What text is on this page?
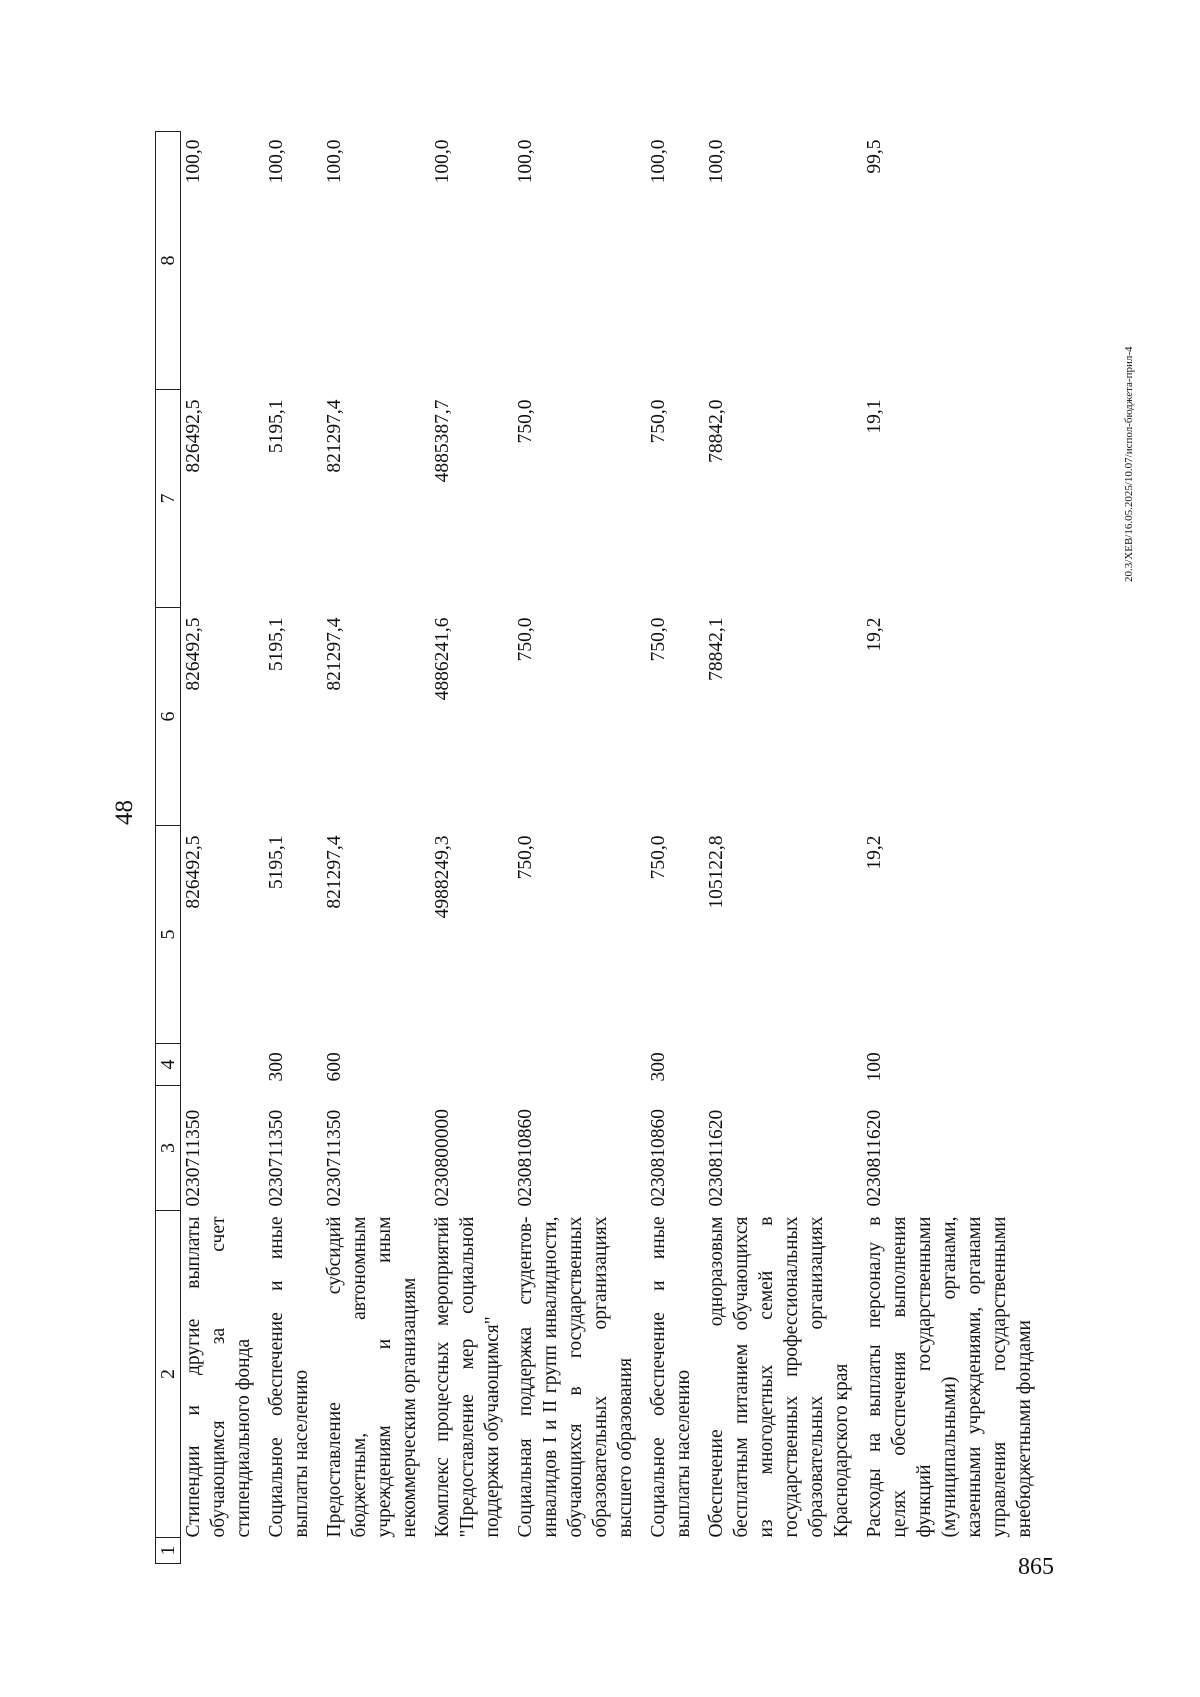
48
1	2	3	4	5	6	7	8
	Стипендии и другие выплаты обучающимся за счет стипендиального фонда	0230711350		826492,5	826492,5	826492,5	100,0
	Социальное обеспечение и иные выплаты населению	0230711350	300	5195,1	5195,1	5195,1	100,0
	Предоставление субсидий бюджетным, автономным учреждениям и иным некоммерческим организациям	0230711350	600	821297,4	821297,4	821297,4	100,0
	Комплекс процессных мероприятий "Предоставление мер социальной поддержки обучающимся"	0230800000		4988249,3	4886241,6	4885387,7	100,0
	Социальная поддержка студентов-инвалидов I и II групп инвалидности, обучающихся в государственных образовательных организациях высшего образования	0230810860		750,0	750,0	750,0	100,0
	Социальное обеспечение и иные выплаты населению	0230810860	300	750,0	750,0	750,0	100,0
	Обеспечение одноразовым бесплатным питанием обучающихся из многодетных семей в государственных профессиональных образовательных организациях Краснодарского края	0230811620		105122,8	78842,1	78842,0	100,0
	Расходы на выплаты персоналу в целях обеспечения выполнения функций государственными (муниципальными) органами, казенными учреждениями, органами управления государственными внебюджетными фондами	0230811620	100	19,2	19,2	19,1	99,5
20.3/ХЕВ/16.05.2025/10.07/испол-бюджета-прил-4
865
